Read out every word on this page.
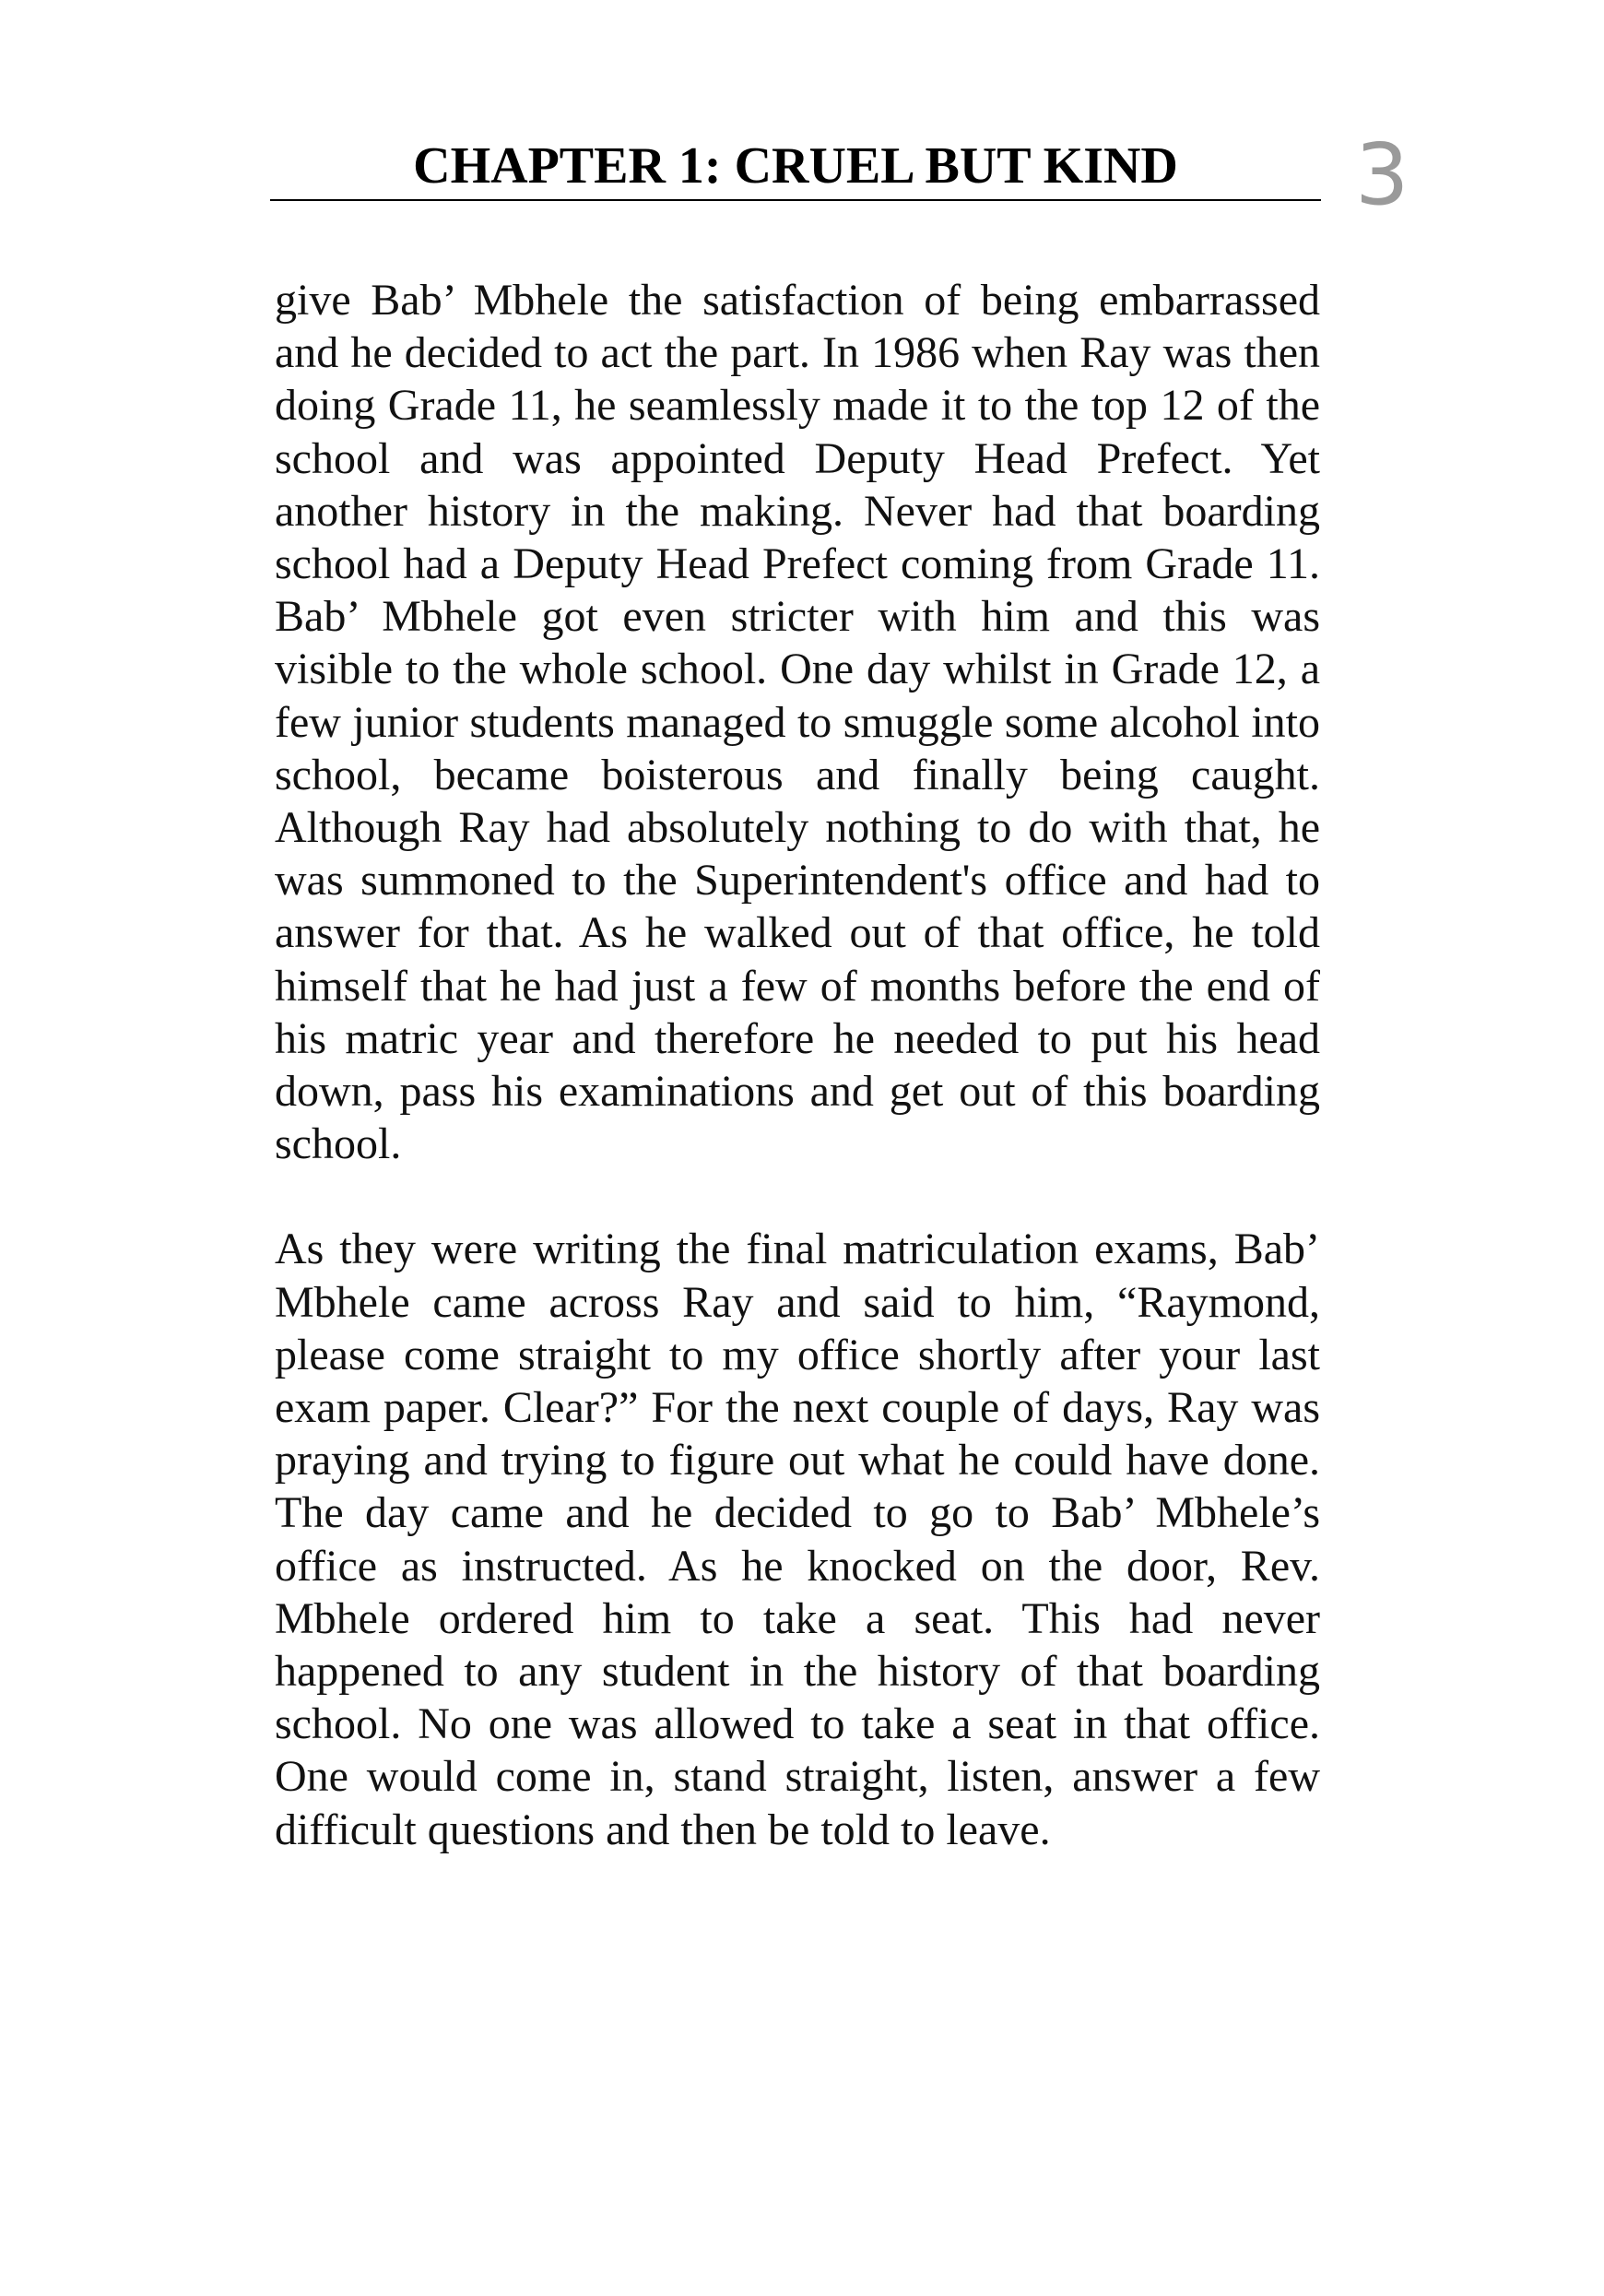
CHAPTER 1: CRUEL BUT KIND	3

give Bab’ Mbhele the satisfaction of being embarrassed and he decided to act the part. In 1986 when Ray was then doing Grade 11, he seamlessly made it to the top 12 of the school and was appointed Deputy Head Prefect. Yet another history in the making. Never had that boarding school had a Deputy Head Prefect coming from Grade 11. Bab’ Mbhele got even stricter with him and this was visible to the whole school. One day whilst in Grade 12, a few junior students managed to smuggle some alcohol into school, became boisterous and finally being caught. Although Ray had absolutely nothing to do with that, he was summoned to the Superintendent's office and had to answer for that. As he walked out of that office, he told himself that he had just a few of months before the end of his matric year and therefore he needed to put his head down, pass his examinations and get out of this boarding school.

As they were writing the final matriculation exams, Bab’ Mbhele came across Ray and said to him, “Raymond, please come straight to my office shortly after your last exam paper. Clear?” For the next couple of days, Ray was praying and trying to figure out what he could have done. The day came and he decided to go to Bab’ Mbhele’s office as instructed. As he knocked on the door, Rev. Mbhele ordered him to take a seat. This had never happened to any student in the history of that boarding school. No one was allowed to take a seat in that office. One would come in, stand straight, listen, answer a few difficult questions and then be told to leave.
